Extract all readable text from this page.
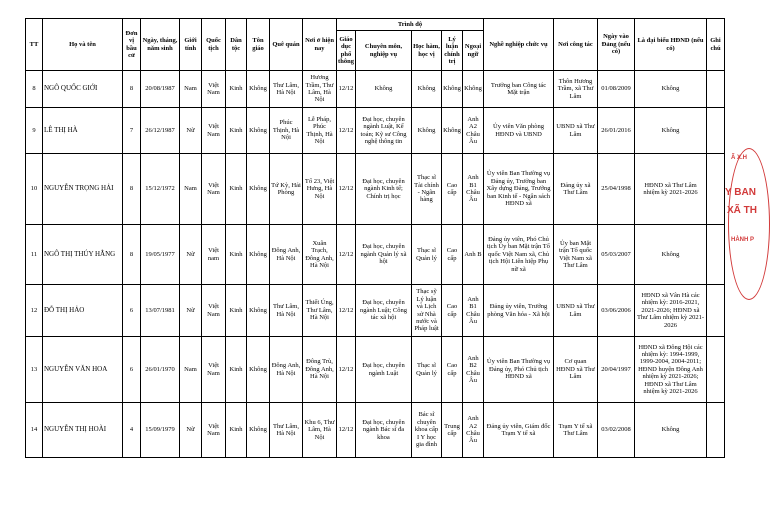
TT	Họ và tên	Đơn vị bầu cử	Ngày, tháng, năm sinh	Giới tính	Quốc tịch	Dân tộc	Tôn giáo	Quê quán	Nơi ở hiện nay	Trình độ					Nghề nghiệp chức vụ	Nơi công tác	Ngày vào Đảng (nếu có)	Là đại biểu HĐND (nếu có)	Ghi chú
										Giáo dục phổ thông	Chuyên môn, nghiệp vụ	Học hàm, học vị	Lý luận chính trị	Ngoại ngữ					
8	NGÔ QUỐC GIỚI	8	20/08/1987	Nam	Việt Nam	Kinh	Không	Thư Lâm, Hà Nội	Hương Trầm, Thư Lâm, Hà Nội	12/12	Không	Không	Không	Không	Trưởng ban Công tác Mặt trận	Thôn Hương Trầm, xã Thư Lâm	01/08/2009	Không	
9	LÊ THỊ HÀ	7	26/12/1987	Nữ	Việt Nam	Kinh	Không	Phúc Thịnh, Hà Nội	Lễ Pháp, Phúc Thịnh, Hà Nội	12/12	Đại học, chuyên ngành Luật, Kế toán; Kỹ sư Công nghệ thông tin	Không	Không	Anh A2 Châu Âu	Ủy viên Văn phòng HĐND và UBND	UBND xã Thư Lâm	26/01/2016	Không	
10	NGUYỄN TRỌNG HẢI	8	15/12/1972	Nam	Việt Nam	Kinh	Không	Tứ Kỳ, Hải Phòng	Tổ 23, Việt Hưng, Hà Nội	12/12	Đại học, chuyên ngành Kinh tế; Chính trị học	Thạc sĩ Tài chính - Ngân hàng	Cao cấp	Anh B1 Châu Âu	Ủy viên Ban Thường vụ Đảng ủy, Trưởng ban Xây dựng Đảng, Trưởng ban Kinh tế - Ngân sách HĐND xã	Đảng ủy xã Thư Lâm	25/04/1998	HĐND xã Thư Lâm nhiệm kỳ 2021-2026	
11	NGÔ THỊ THÚY HẰNG	8	19/05/1977	Nữ	Việt nam	Kinh	Không	Đông Anh, Hà Nội	Xuân Trạch, Đông Anh, Hà Nội	12/12	Đại học, chuyên ngành Quản lý xã hội	Thạc sĩ Quản lý	Cao cấp	Anh B	Đảng ủy viên, Phó Chủ tịch Ủy ban Mặt trận Tổ quốc Việt Nam xã, Chủ tịch Hội Liên hiệp Phụ nữ xã	Ủy ban Mặt trận Tổ quốc Việt Nam xã Thư Lâm	05/03/2007	Không	
12	ĐỖ THỊ HẢO	6	13/07/1981	Nữ	Việt Nam	Kinh	Không	Thư Lâm, Hà Nội	Thiết Úng, Thư Lâm, Hà Nội	12/12	Đại học, chuyên ngành Luật; Công tác xã hội	Thạc sỹ Lý luận và Lịch sử Nhà nước và Pháp luật	Cao cấp	Anh B1 Châu Âu	Đảng ủy viên, Trưởng phòng Văn hóa - Xã hội	UBND xã Thư Lâm	03/06/2006	HĐND xã Vân Hà các nhiệm kỳ: 2016-2021, 2021-2026; HĐND xã Thư Lâm nhiệm kỳ 2021-2026	
13	NGUYỄN VĂN HOA	6	26/01/1970	Nam	Việt Nam	Kinh	Không	Đông Anh, Hà Nội	Đông Trù, Đông Anh, Hà Nội	12/12	Đại học, chuyên ngành Luật	Thạc sĩ Quản lý	Cao cấp	Anh B2 Châu Âu	Ủy viên Ban Thường vụ Đảng ủy, Phó Chủ tịch HĐND xã	Cơ quan HĐND xã Thư Lâm	20/04/1997	HĐND xã Đông Hội các nhiệm kỳ: 1994-1999, 1999-2004, 2004-2011; HĐND huyện Đông Anh nhiệm kỳ 2021-2026; HĐND xã Thư Lâm nhiệm kỳ 2021-2026	
14	NGUYỄN THỊ HOÀI	4	15/09/1979	Nữ	Việt Nam	Kinh	Không	Thư Lâm, Hà Nội	Khu 6, Thư Lâm, Hà Nội	12/12	Đại học, chuyên ngành Bác sĩ đa khoa	Bác sĩ chuyên khoa cấp I Y học gia đình	Trung cấp	Anh A2 Châu Âu	Đảng ủy viên, Giám đốc Trạm Y tế xã	Trạm Y tế xã Thư Lâm	03/02/2008	Không	
Ã X.H
Y BAN
XÃ TH
HÀNH P
